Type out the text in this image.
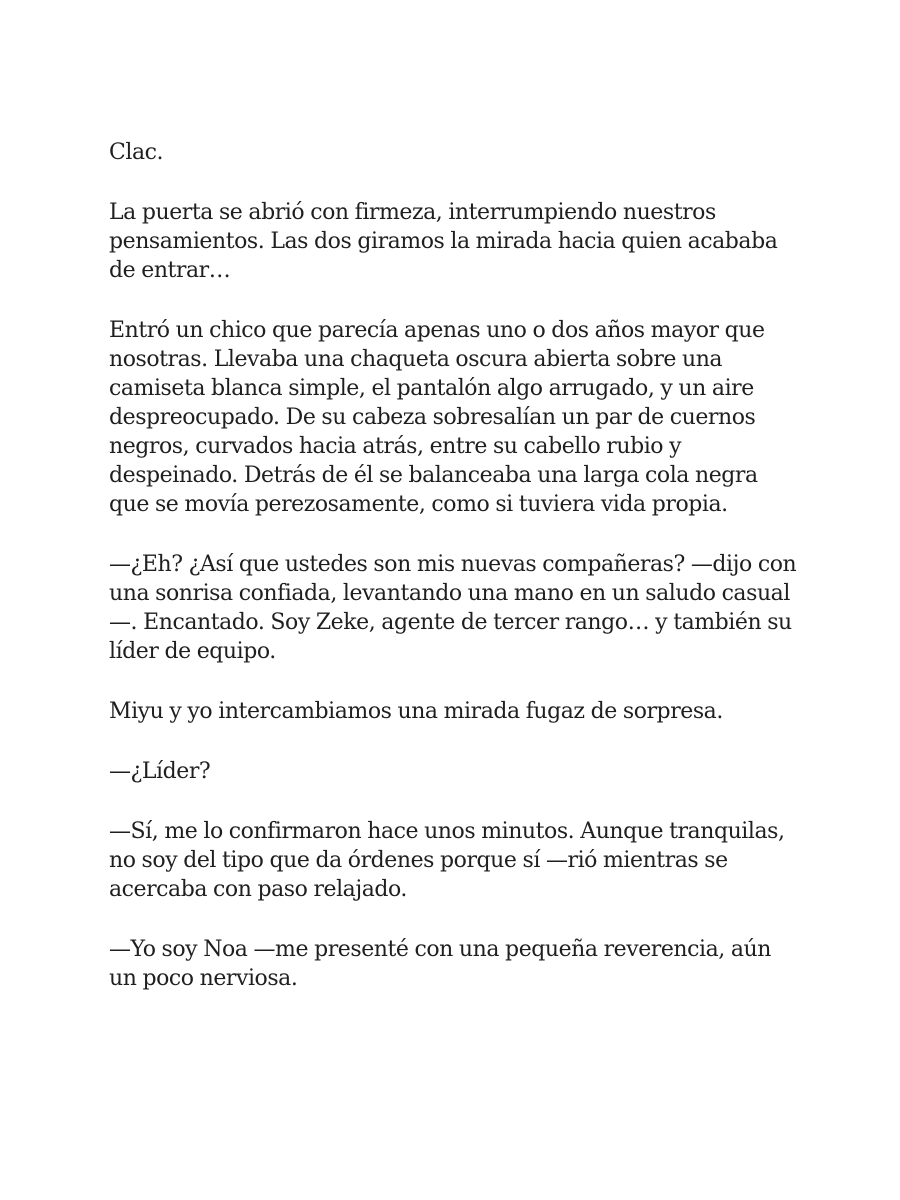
Clac.

La puerta se abrió con firmeza, interrumpiendo nuestros pensamientos. Las dos giramos la mirada hacia quien acababa de entrar…

Entró un chico que parecía apenas uno o dos años mayor que nosotras. Llevaba una chaqueta oscura abierta sobre una camiseta blanca simple, el pantalón algo arrugado, y un aire despreocupado. De su cabeza sobresalían un par de cuernos negros, curvados hacia atrás, entre su cabello rubio y despeinado. Detrás de él se balanceaba una larga cola negra que se movía perezosamente, como si tuviera vida propia.

—¿Eh? ¿Así que ustedes son mis nuevas compañeras? —dijo con una sonrisa confiada, levantando una mano en un saludo casual—. Encantado. Soy Zeke, agente de tercer rango… y también su líder de equipo.

Miyu y yo intercambiamos una mirada fugaz de sorpresa.

—¿Líder?

—Sí, me lo confirmaron hace unos minutos. Aunque tranquilas, no soy del tipo que da órdenes porque sí —rió mientras se acercaba con paso relajado.

—Yo soy Noa —me presenté con una pequeña reverencia, aún un poco nerviosa.
